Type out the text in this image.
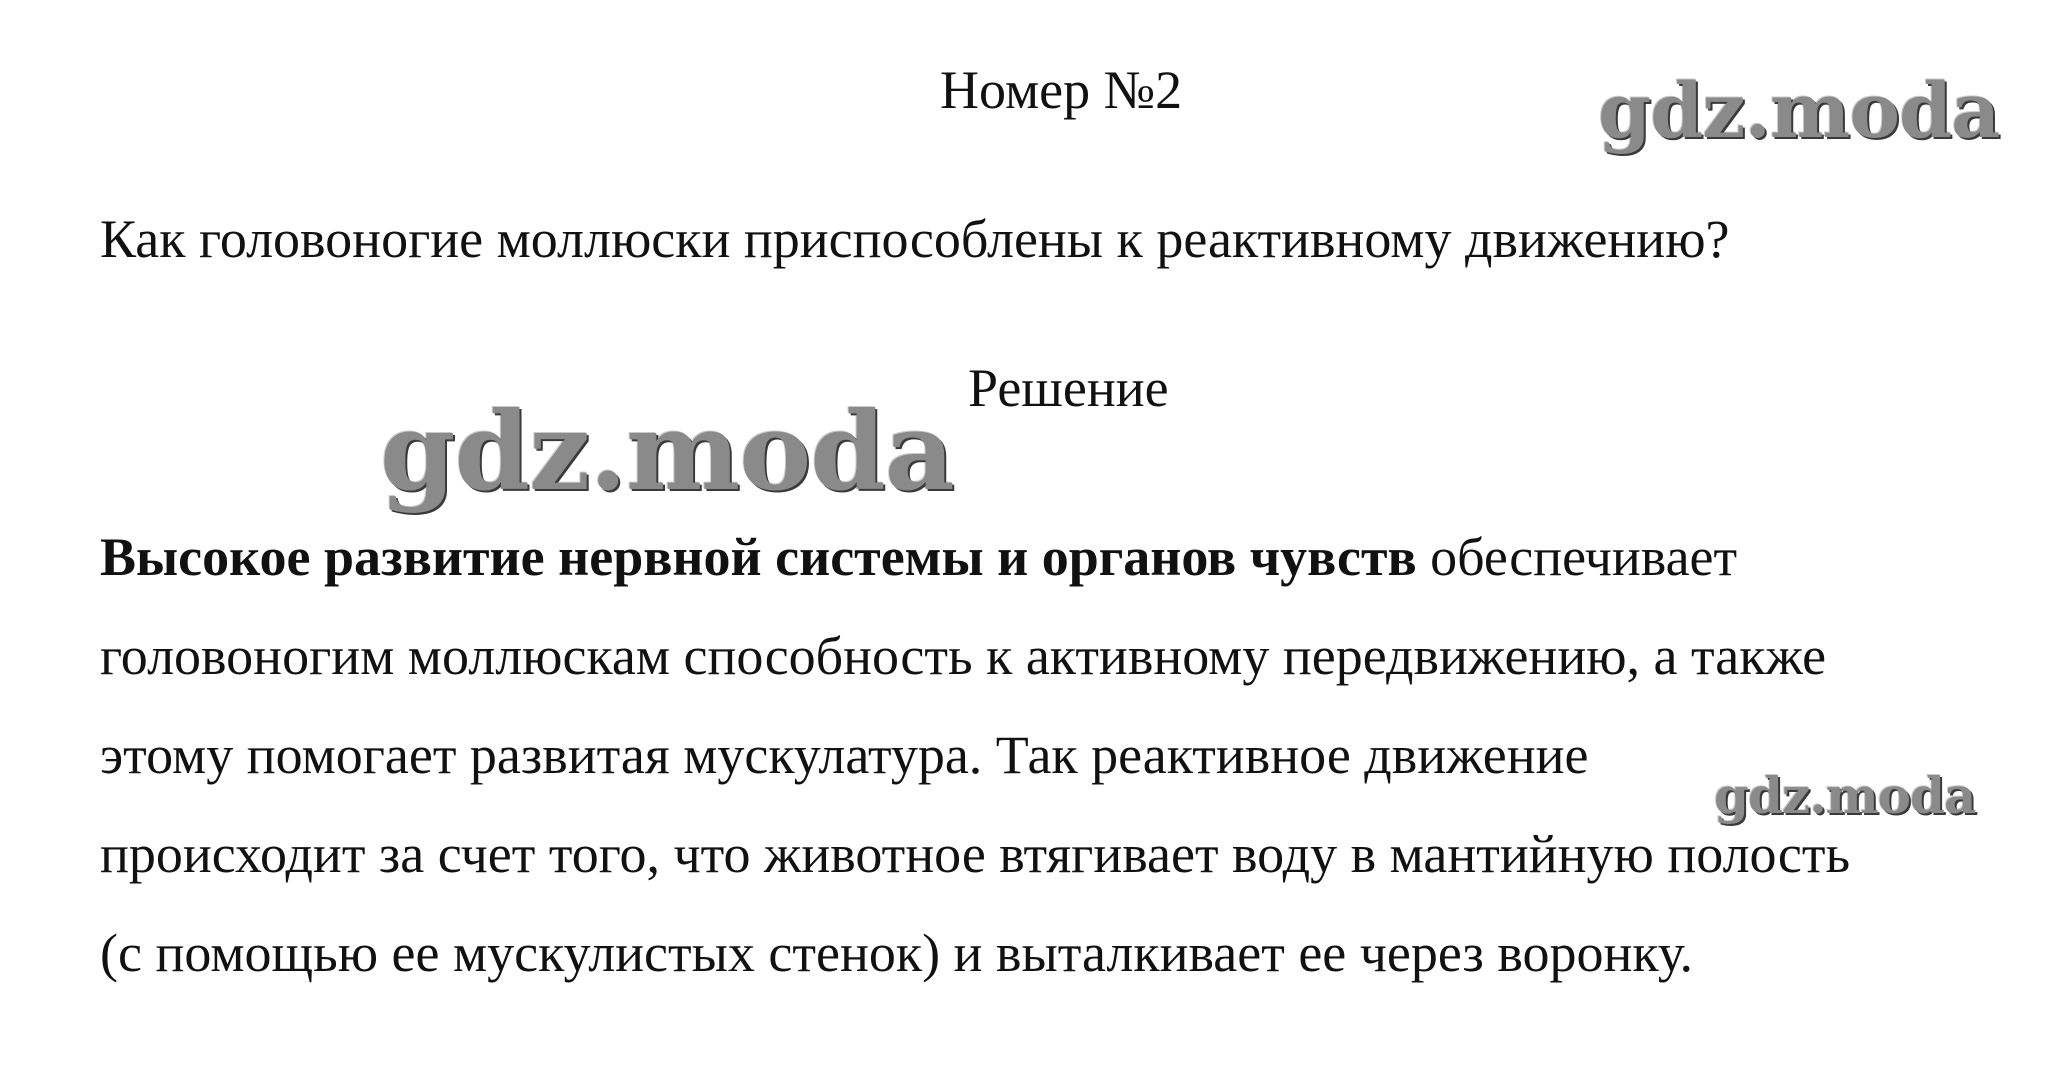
Номер №2
Как головоногие моллюски приспособлены к реактивному движению?
Решение
Высокое развитие нервной системы и органов чувств обеспечивает
головоногим моллюскам способность к активному передвижению, а также
этому помогает развитая мускулатура. Так реактивное движение
происходит за счет того, что животное втягивает воду в мантийную полость
(с помощью ее мускулистых стенок) и выталкивает ее через воронку.
gdz.moda
gdz.moda
gdz.moda
